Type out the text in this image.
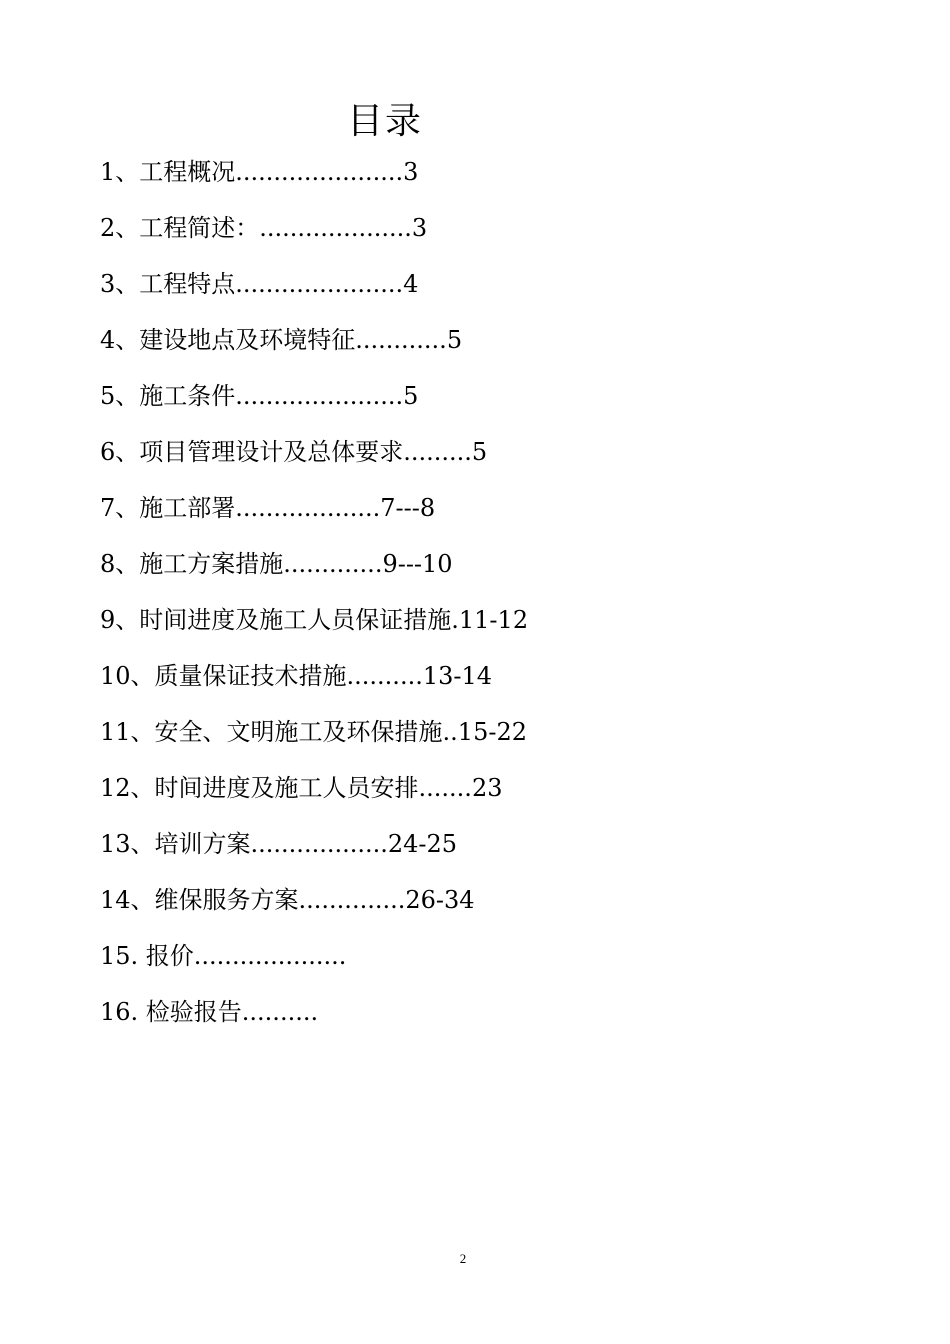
目录
1、工程概况......................3
2、工程简述：....................3
3、工程特点......................4
4、建设地点及环境特征............5
5、施工条件......................5
6、项目管理设计及总体要求.........5
7、施工部署...................7---8
8、施工方案措施.............9---10
9、时间进度及施工人员保证措施.11-12
10、质量保证技术措施..........13-14
11、安全、文明施工及环保措施..15-22
12、时间进度及施工人员安排.......23
13、培训方案..................24-25
14、维保服务方案..............26-34
15. 报价....................
16. 检验报告..........
2
